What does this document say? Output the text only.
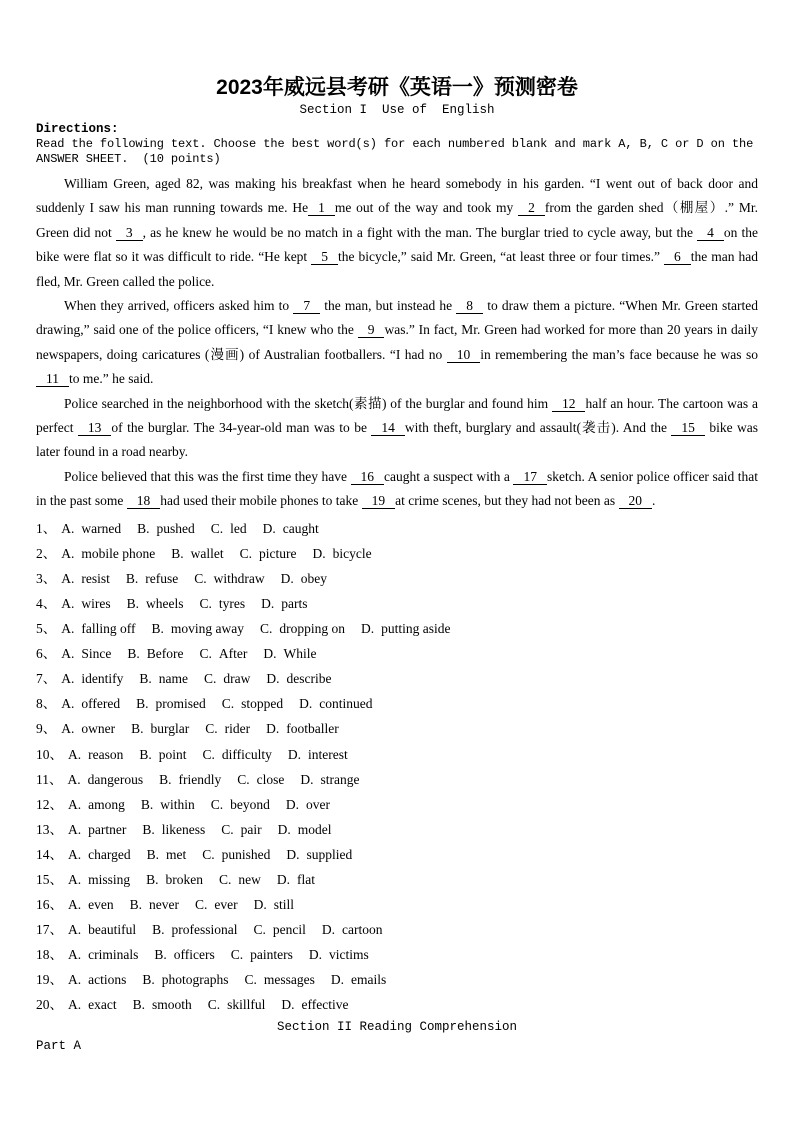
2023年威远县考研《英语一》预测密卷
Section I  Use of  English
Directions:
Read the following text. Choose the best word(s) for each numbered blank and mark A, B, C or D on the
ANSWER SHEET.  (10 points)

William Green, aged 82, was making his breakfast when he heard somebody in his garden. “I went out of back door and suddenly I saw his man running towards me. He 1 me out of the way and took my 2 from the garden shed（棚屋）.” Mr. Green did not 3 , as he knew he would be no match in a fight with the man. The burglar tried to cycle away, but the 4 on the bike were flat so it was difficult to ride. “He kept 5 the bicycle,” said Mr. Green, “at least three or four times.” 6 the man had fled, Mr. Green called the police.

When they arrived, officers asked him to 7 the man, but instead he 8 to draw them a picture. “When Mr. Green started drawing,” said one of the police officers, “I knew who the 9 was.” In fact, Mr. Green had worked for more than 20 years in daily newspapers, doing caricatures (漫画) of Australian footballers. “I had no 10 in remembering the man’s face because he was so 11 to me.” he said.

Police searched in the neighborhood with the sketch(素描) of the burglar and found him 12 half an hour. The cartoon was a perfect 13 of the burglar. The 34-year-old man was to be 14 with theft, burglary and assault(袭击). And the 15 bike was later found in a road nearby.

Police believed that this was the first time they have 16 caught a suspect with a 17 sketch. A senior police officer said that in the past some 18 had used their mobile phones to take 19 at crime scenes, but they had not been as 20 .

1、 A. warned B. pushed C. led D. caught
2、 A. mobile phone B. wallet C. picture D. bicycle
3、 A. resist B. refuse C. withdraw D. obey
4、 A. wires B. wheels C. tyres D. parts
5、 A. falling off B. moving away C. dropping on D. putting aside
6、 A. Since B. Before C. After D. While
7、 A. identify B. name C. draw D. describe
8、 A. offered B. promised C. stopped D. continued
9、 A. owner B. burglar C. rider D. footballer
10、 A. reason B. point C. difficulty D. interest
11、 A. dangerous B. friendly C. close D. strange
12、 A. among B. within C. beyond D. over
13、 A. partner B. likeness C. pair D. model
14、 A. charged B. met C. punished D. supplied
15、 A. missing B. broken C. new D. flat
16、 A. even B. never C. ever D. still
17、 A. beautiful B. professional C. pencil D. cartoon
18、 A. criminals B. officers C. painters D. victims
19、 A. actions B. photographs C. messages D. emails
20、 A. exact B. smooth C. skillful D. effective
Section II Reading Comprehension
Part A
